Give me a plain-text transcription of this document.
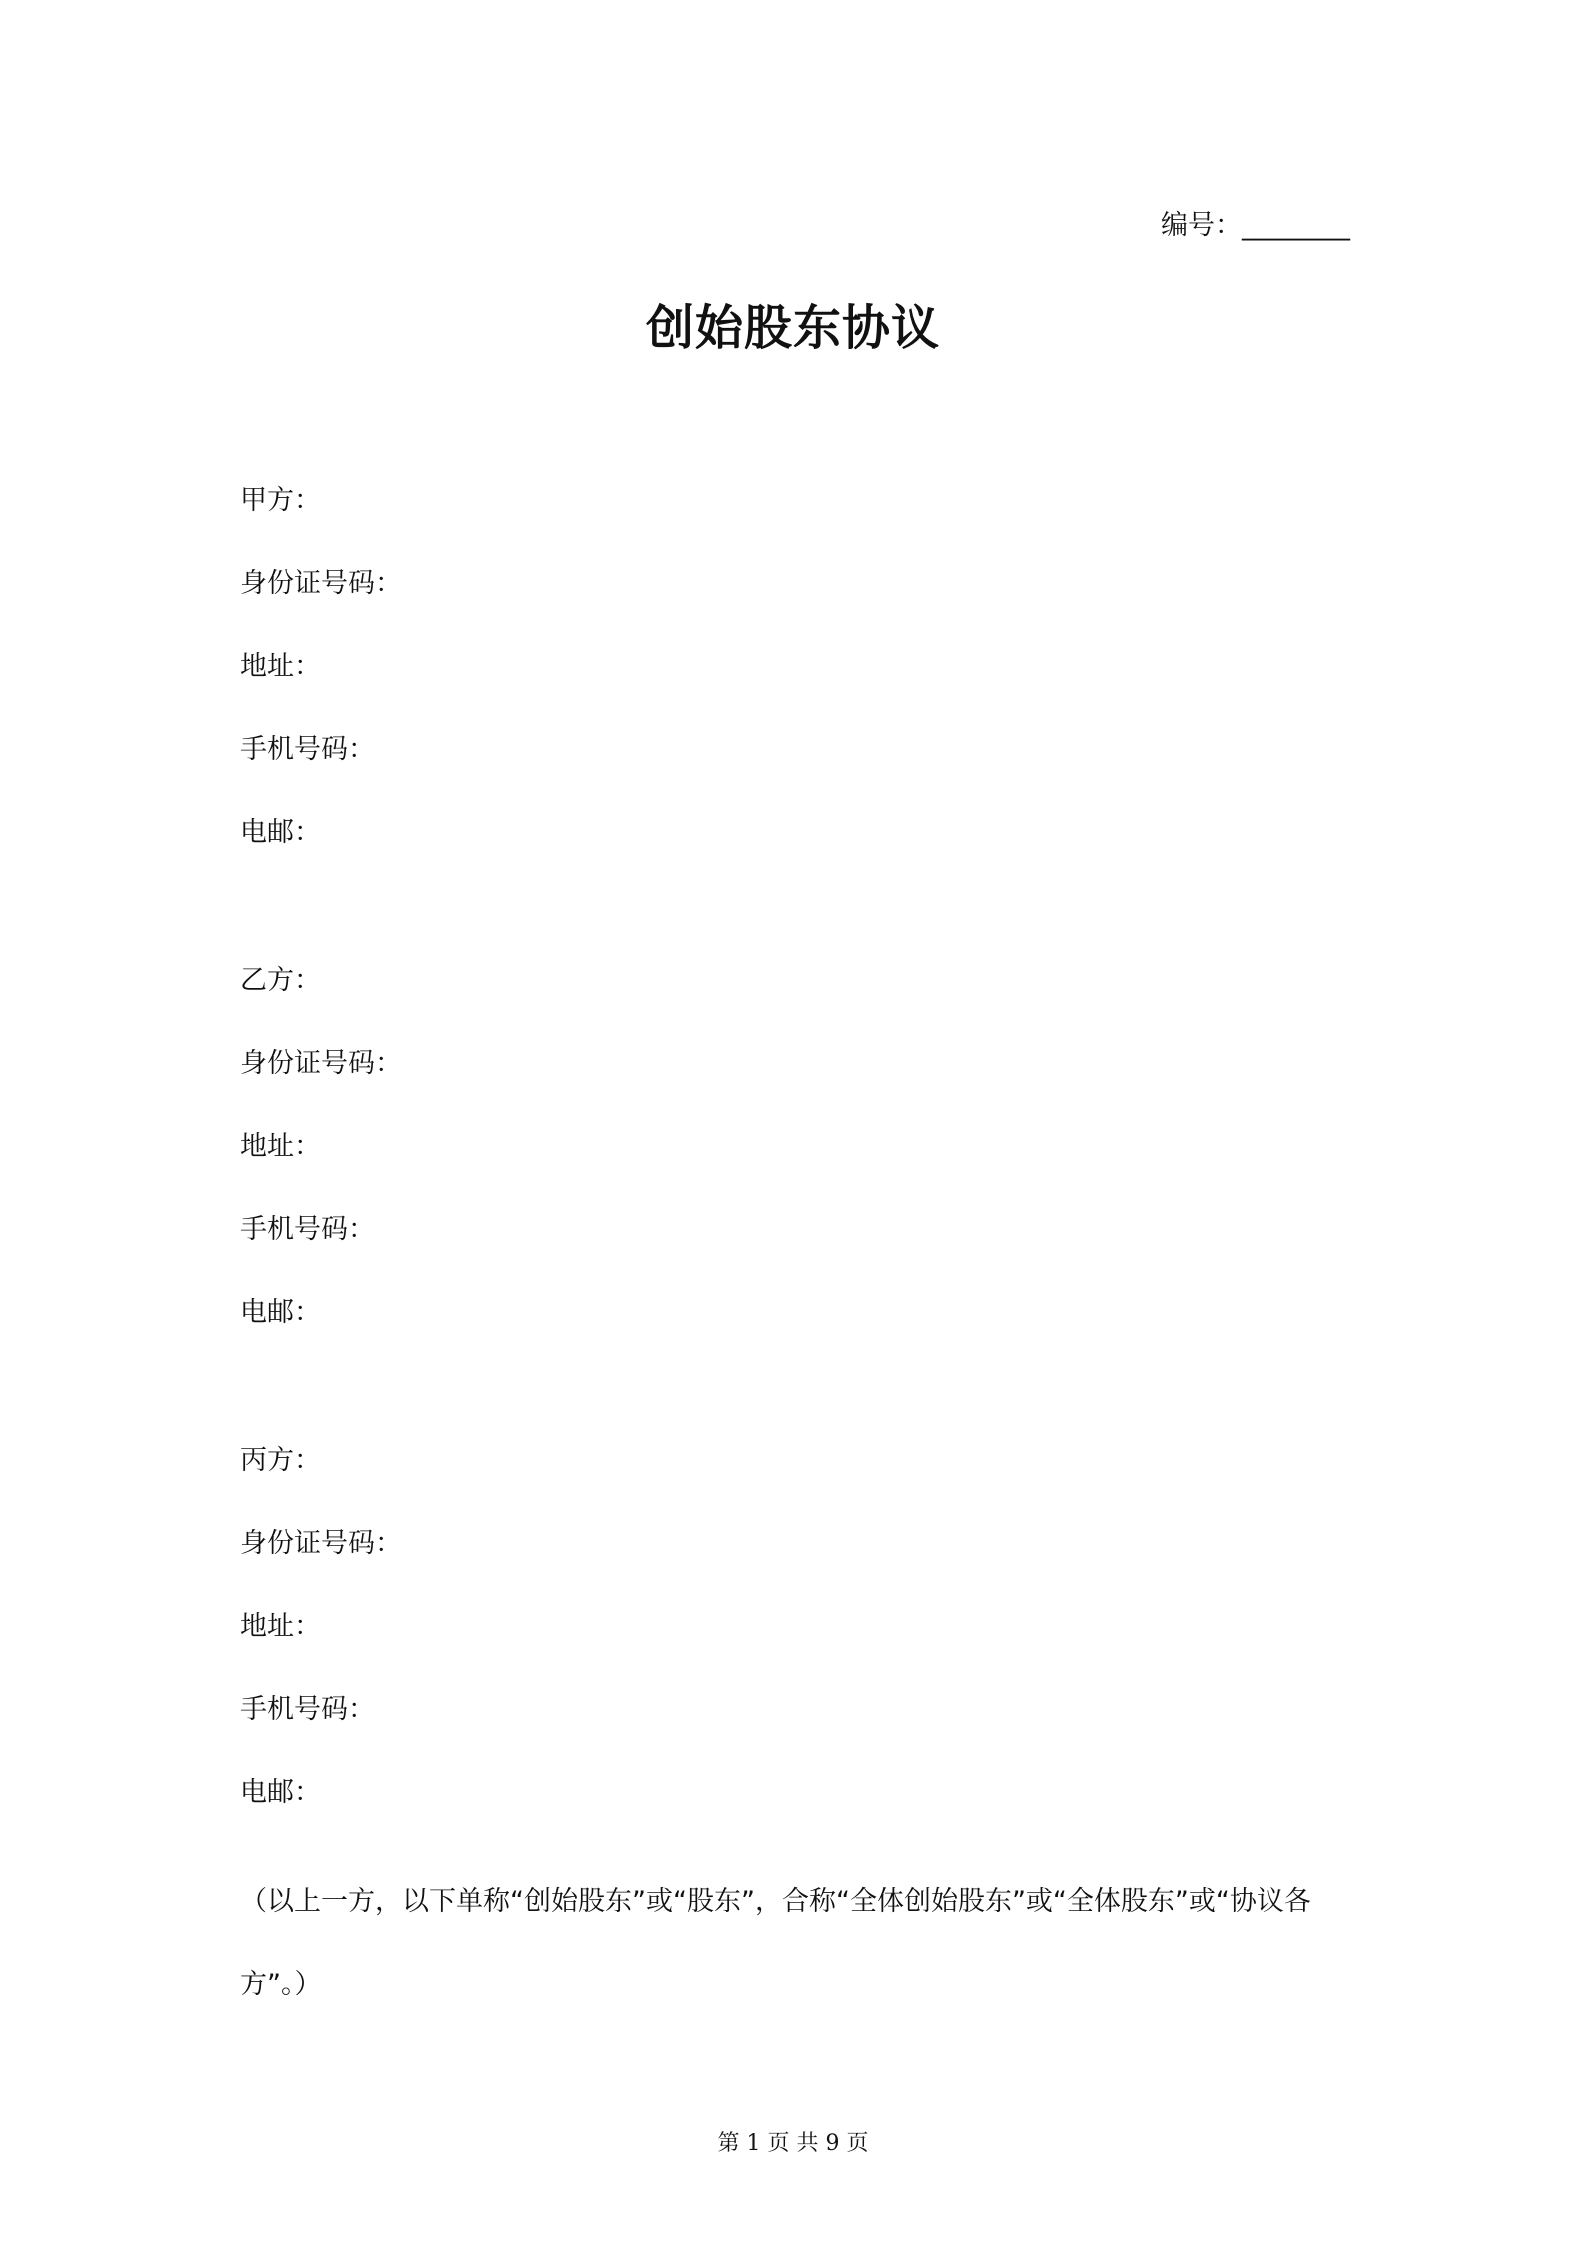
编号：________
创始股东协议
甲方：
身份证号码：
地址：
手机号码：
电邮：
乙方：
身份证号码：
地址：
手机号码：
电邮：
丙方：
身份证号码：
地址：
手机号码：
电邮：
（以上一方，以下单称“创始股东”或“股东”，合称“全体创始股东”或“全体股东”或“协议各方”。）
第 1 页 共 9 页
